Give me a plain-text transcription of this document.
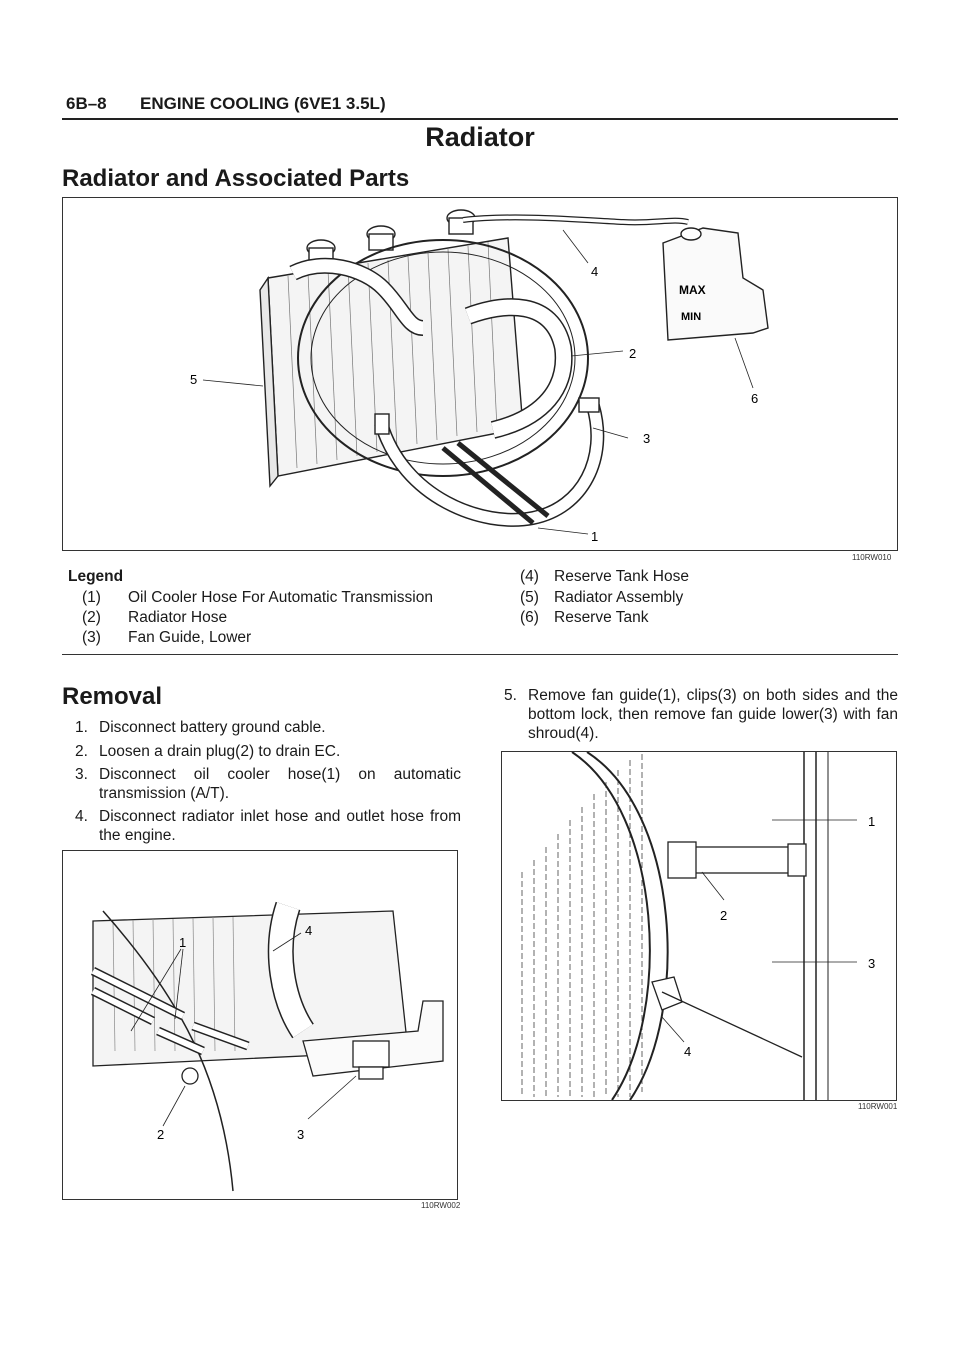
6B–8 ENGINE COOLING (6VE1 3.5L)
Radiator
Radiator and Associated Parts
MAX
MIN
1
2
3
4
5
6
110RW010
Legend
(1) Oil Cooler Hose For Automatic Transmission
(2) Radiator Hose
(3) Fan Guide, Lower
(4) Reserve Tank Hose
(5) Radiator Assembly
(6) Reserve Tank
Removal
1. Disconnect battery ground cable.
2. Loosen a drain plug(2) to drain EC.
3. Disconnect oil cooler hose(1) on automatic
transmission (A/T).
4. Disconnect radiator inlet hose and outlet hose from
the engine.
5. Remove fan guide(1), clips(3) on both sides and the
bottom lock, then remove fan guide lower(3) with fan
shroud(4).
1
2	3
4
110RW002
1
2
3
4
110RW001
